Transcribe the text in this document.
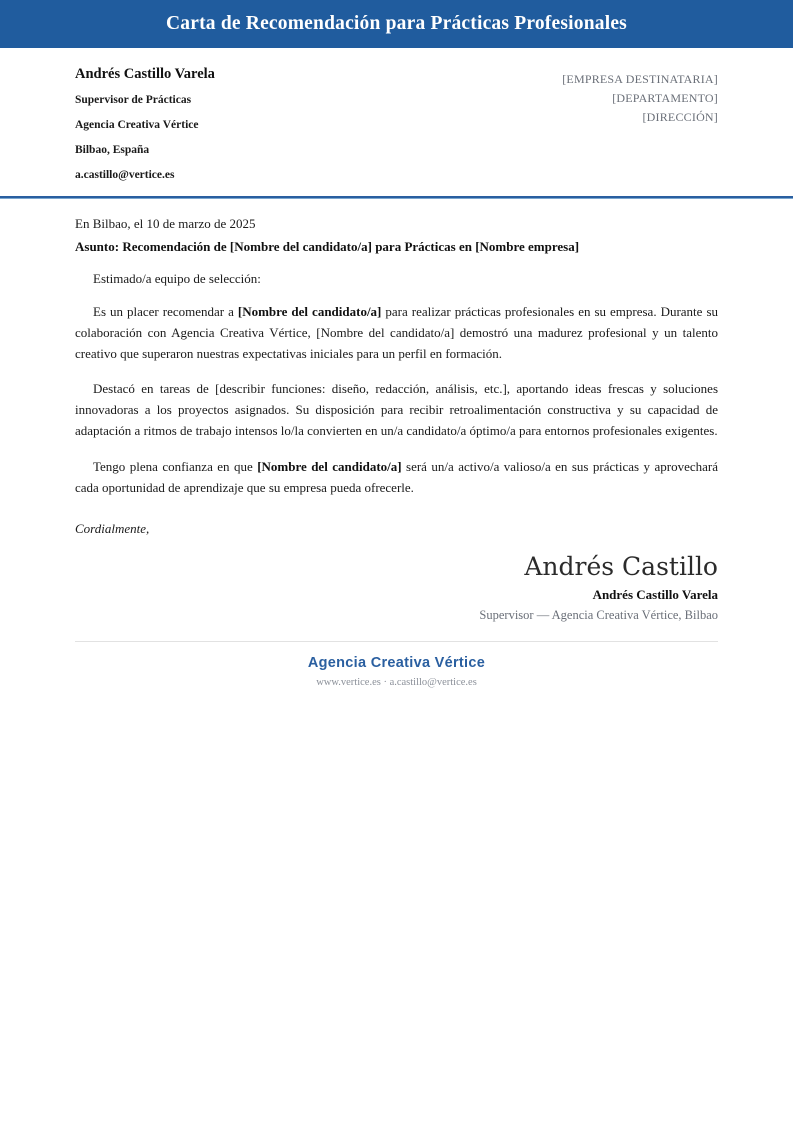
Carta de Recomendación para Prácticas Profesionales
Andrés Castillo Varela
Supervisor de Prácticas
Agencia Creativa Vértice
Bilbao, España
a.castillo@vertice.es
[EMPRESA DESTINATARIA]
[DEPARTAMENTO]
[DIRECCIÓN]
En Bilbao, el 10 de marzo de 2025
Asunto: Recomendación de [Nombre del candidato/a] para Prácticas en [Nombre empresa]
Estimado/a equipo de selección:

Es un placer recomendar a [Nombre del candidato/a] para realizar prácticas profesionales en su empresa. Durante su colaboración con Agencia Creativa Vértice, [Nombre del candidato/a] demostró una madurez profesional y un talento creativo que superaron nuestras expectativas iniciales para un perfil en formación.

Destacó en tareas de [describir funciones: diseño, redacción, análisis, etc.], aportando ideas frescas y soluciones innovadoras a los proyectos asignados. Su disposición para recibir retroalimentación constructiva y su capacidad de adaptación a ritmos de trabajo intensos lo/la convierten en un/a candidato/a óptimo/a para entornos profesionales exigentes.

Tengo plena confianza en que [Nombre del candidato/a] será un/a activo/a valioso/a en sus prácticas y aprovechará cada oportunidad de aprendizaje que su empresa pueda ofrecerle.

Cordialmente,
Andrés Castillo
Andrés Castillo Varela
Supervisor — Agencia Creativa Vértice, Bilbao
Agencia Creativa Vértice
www.vertice.es · a.castillo@vertice.es
